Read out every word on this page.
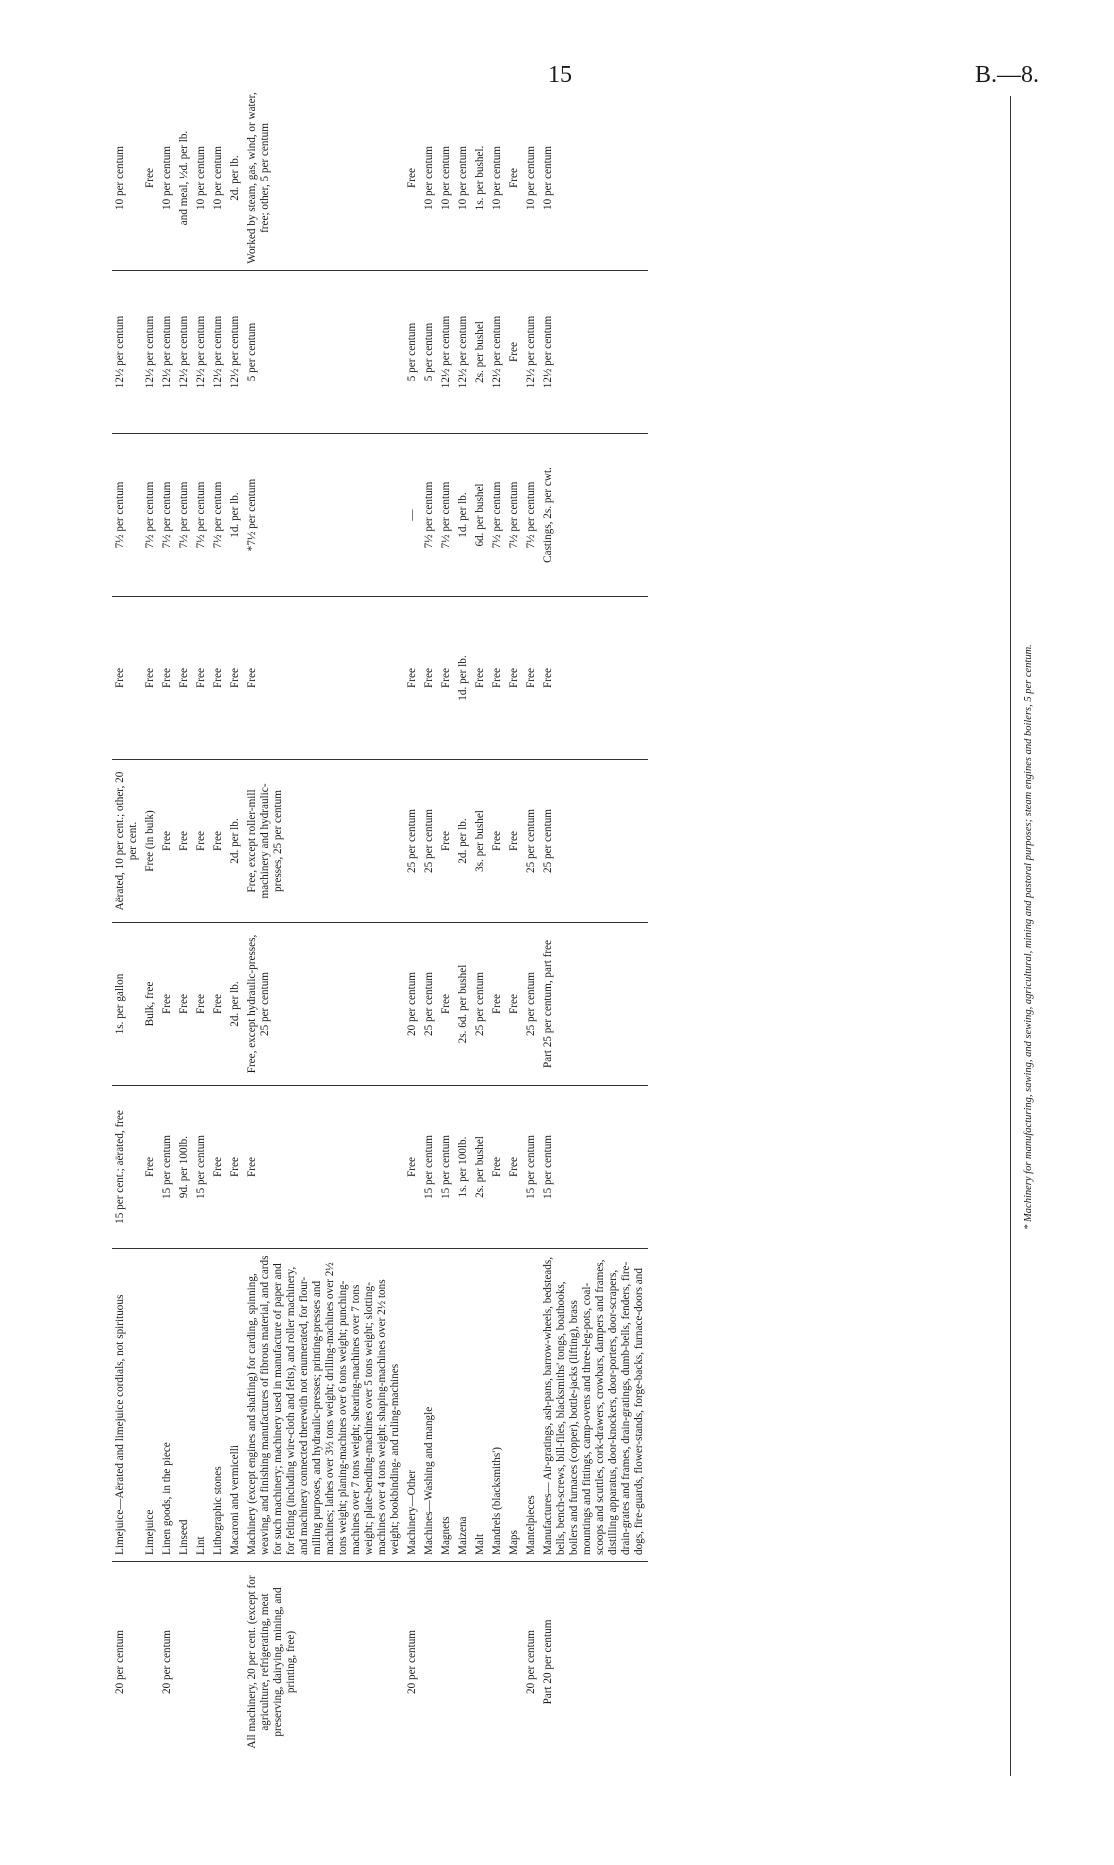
15	B.—8.
20 per centum	Limejuice—Aërated and limejuice cordials, not spirituous	15 per cent.; aërated, free	1s. per gallon	Aërated, 10 per cent.; other, 20 per cent.	Free	7½ per centum	12½ per centum	10 per centum
	Limejuice	Free	Bulk, free	Free (in bulk)	Free	7½ per centum	12½ per centum	Free
20 per centum	Linen goods, in the piece	15 per centum	Free	Free	Free	7½ per centum	12½ per centum	10 per centum
	Linseed	9d. per 100lb.	Free	Free	Free	7½ per centum	12½ per centum	and meal, ½d. per lb.
	Lint	15 per centum	Free	Free	Free	7½ per centum	12½ per centum	10 per centum
	Lithographic stones	Free	Free	Free	Free	7½ per centum	12½ per centum	10 per centum
	Macaroni and vermicelli	Free	2d. per lb.	2d. per lb.	Free	1d. per lb.	12½ per centum	2d. per lb.
All machinery, 20 per cent. (except for agriculture, refrigerating, meat preserving, dairying, mining, and printing, free)	Machinery (except engines and shafting) for carding, spinning, weaving, and finishing manufactures of fibrous material, and cards for such machinery; machinery used in manufacture of paper and for felting (including wire-cloth and felts), and roller machinery, and machinery connected therewith not enumerated, for flour-milling purposes, and hydraulic-presses; printing-presses and machines; lathes over 3½ tons weight; drilling-machines over 2½ tons weight; planing-machines over 6 tons weight; punching-machines over 7 tons weight; shearing-machines over 7 tons weight; plate-bending-machines over 5 tons weight; slotting-machines over 4 tons weight; shaping-machines over 2½ tons weight; bookbinding- and ruling-machines	Free	Free, except hydraulic-presses, 25 per centum	Free, except roller-mill machinery and hydraulic-presses, 25 per centum	Free	*7½ per centum	5 per centum	Worked by steam, gas, wind, or water, free; other, 5 per centum
20 per centum	Machinery—Other	Free	20 per centum	25 per centum	Free	—	5 per centum	Free
	Machines—Washing and mangle	15 per centum	25 per centum	25 per centum	Free	7½ per centum	5 per centum	10 per centum
	Magnets	15 per centum	Free	Free	Free	7½ per centum	12½ per centum	10 per centum
	Maizena	1s. per 100lb.	2s. 6d. per bushel	2d. per lb.	1d. per lb.	1d. per lb.	12½ per centum	10 per centum
	Malt	2s. per bushel	25 per centum	3s. per bushel	Free	6d. per bushel	2s. per bushel	1s. per bushel.
	Mandrels (blacksmiths')	Free	Free	Free	Free	7½ per centum	12½ per centum	10 per centum
	Maps	Free	Free	Free	Free	7½ per centum	Free	Free
20 per centum	Mantelpieces	15 per centum	25 per centum	25 per centum	Free	7½ per centum	12½ per centum	10 per centum
Part 20 per centum	Manufactures— Air-gratings, ash-pans, barrow-wheels, bedsteads, bells, bench-screws, bill-files, blacksmiths' tongs, boathooks, boilers and furnaces (copper), bottle-jacks (lifting), brass mountings and fittings, camp-ovens and three-leg-pots, coal-scoops and scuttles, cork-drawers, crowbars, dampers and frames, distilling apparatus, door-knockers, door-porters, door-scrapers, drain-grates and frames, drain-gratings, dumb-bells, fenders, fire-dogs, fire-guards, flower-stands, forge-backs, furnace-doors and	15 per centum	Part 25 per centum, part free	25 per centum	Free	Castings, 2s. per cwt.	12½ per centum	10 per centum
* Machinery for manufacturing, sawing, and sewing, agricultural, mining and pastoral purposes; steam engines and boilers, 5 per centum.
